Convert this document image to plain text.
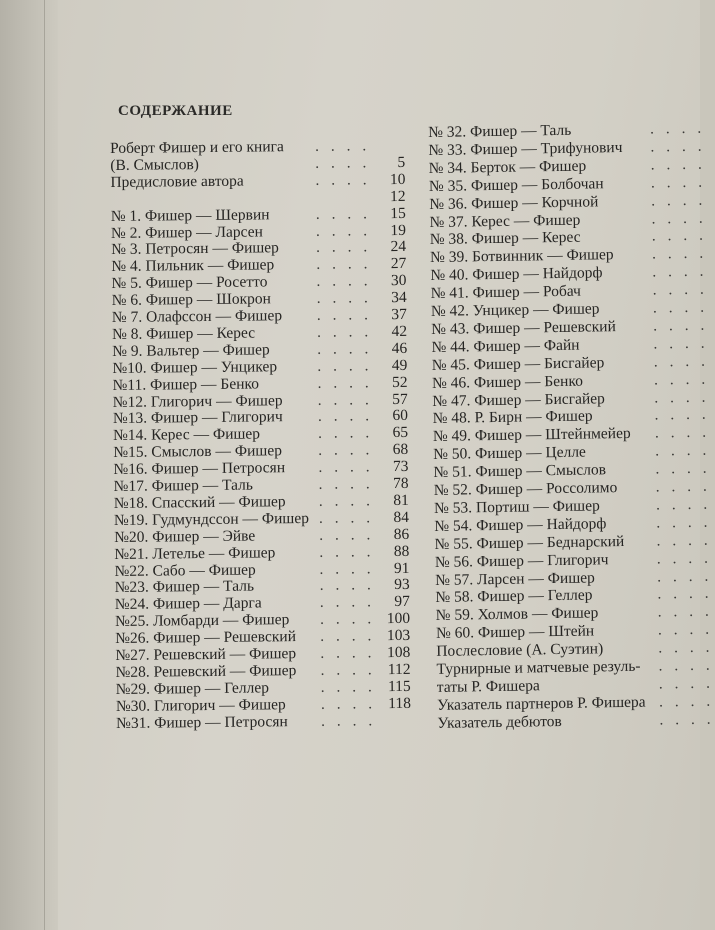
СОДЕРЖАНИЕ
Роберт Фишер и его книга . . . .
(В. Смыслов)	. . . .	5
Предисловие автора	. . . .	10
12
№ 1. Фишер — Шервин	. . . .	15
№ 2. Фишер — Ларсен	. . . .	19
№ 3. Петросян — Фишер . . . .	24
№ 4. Пильник — Фишер	. . . .	27
№ 5. Фишер — Росетто	. . . .	30
№ 6. Фишер — Шокрон	. . . .	34
№ 7. Олафссон — Фишер . . . .	37
№ 8. Фишер — Керес	. . . .	42
№ 9. Вальтер — Фишер	. . . .	46
№10. Фишер — Унцикер	. . . .	49
№11. Фишер — Бенко	. . . .	52
№12. Глигорич — Фишер . . . .	57
№13. Фишер — Глигорич . . . .	60
№14. Керес — Фишер	. . . .	65
№15. Смыслов — Фишер . . . .	68
№16. Фишер — Петросян . . . .	73
№17. Фишер — Таль	. . . .	78
№18. Спасский — Фишер . . . .	81
№19. Гудмундссон — Фишер . . . .	84
№20. Фишер — Эйве	. . . .	86
№21. Летелье — Фишер	. . . .	88
№22. Сабо — Фишер	. . . .	91
№23. Фишер — Таль	. . . .	93
№24. Фишер — Дарга	. . . .	97
№25. Ломбарди — Фишер . . . . 100
№26. Фишер — Решевский . . . . 103
№27. Решевский — Фишер . . . . 108
№28. Решевский — Фишер . . . . 112
№29. Фишер — Геллер	. . . . 115
№30. Глигорич — Фишер . . . . 118
№31. Фишер — Петросян . . . .
№ 32. Фишер — Таль	. . . .
№ 33. Фишер — Трифунович . . . .
№ 34. Берток — Фишер	. . . .
№ 35. Фишер — Болбочан	. . . .
№ 36. Фишер — Корчной	. . . .
№ 37. Керес — Фишер	. . . .
№ 38. Фишер — Керес	. . . .
№ 39. Ботвинник — Фишер . . . .
№ 40. Фишер — Найдорф	. . . .
№ 41. Фишер — Робач	. . . .
№ 42. Унцикер — Фишер	. . . .
№ 43. Фишер — Решевский . . . .
№ 44. Фишер — Файн	. . . .
№ 45. Фишер — Бисгайер	. . . .
№ 46. Фишер — Бенко	. . . .
№ 47. Фишер — Бисгайер	. . . .
№ 48. Р. Бирн — Фишер	. . . .
№ 49. Фишер — Штейнмейер . . . .
№ 50. Фишер — Целле	. . . .
№ 51. Фишер — Смыслов	. . . .
№ 52. Фишер — Россолимо . . . .
№ 53. Портиш — Фишер	. . . .
№ 54. Фишер — Найдорф	. . . .
№ 55. Фишер — Беднарский . . . .
№ 56. Фишер — Глигорич	. . . .
№ 57. Ларсен — Фишер	. . . .
№ 58. Фишер — Геллер	. . . .
№ 59. Холмов — Фишер	. . . .
№ 60. Фишер — Штейн	. . . .
Послесловие (А. Суэтин)	. . . .
Турнирные и матчевые резуль- . . . .
таты Р. Фишера	. . . .
Указатель партнеров Р. Фишера . . . .
Указатель дебютов	. . . .
